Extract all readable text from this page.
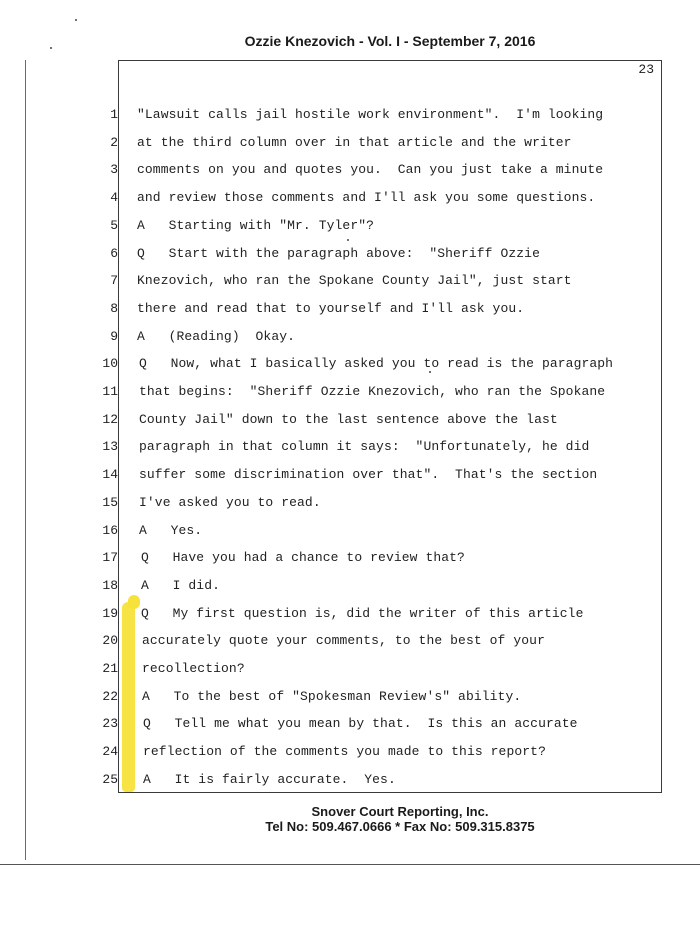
Ozzie Knezovich - Vol. I - September 7, 2016
23
1 "Lawsuit calls jail hostile work environment".  I'm looking
2 at the third column over in that article and the writer
3 comments on you and quotes you.  Can you just take a minute
4 and review those comments and I'll ask you some questions.
5 A   Starting with "Mr. Tyler"?
6 Q   Start with the paragraph above:  "Sheriff Ozzie
7 Knezovich, who ran the Spokane County Jail", just start
8 there and read that to yourself and I'll ask you.
9 A   (Reading)  Okay.
10 Q   Now, what I basically asked you to read is the paragraph
11 that begins:  "Sheriff Ozzie Knezovich, who ran the Spokane
12 County Jail" down to the last sentence above the last
13 paragraph in that column it says:  "Unfortunately, he did
14 suffer some discrimination over that".  That's the section
15 I've asked you to read.
16 A   Yes.
17 Q   Have you had a chance to review that?
18 A   I did.
19 Q   My first question is, did the writer of this article
20 accurately quote your comments, to the best of your
21 recollection?
22 A   To the best of "Spokesman Review's" ability.
23 Q   Tell me what you mean by that.  Is this an accurate
24 reflection of the comments you made to this report?
25 A   It is fairly accurate.  Yes.
Snover Court Reporting, Inc.
Tel No: 509.467.0666 * Fax No: 509.315.8375
